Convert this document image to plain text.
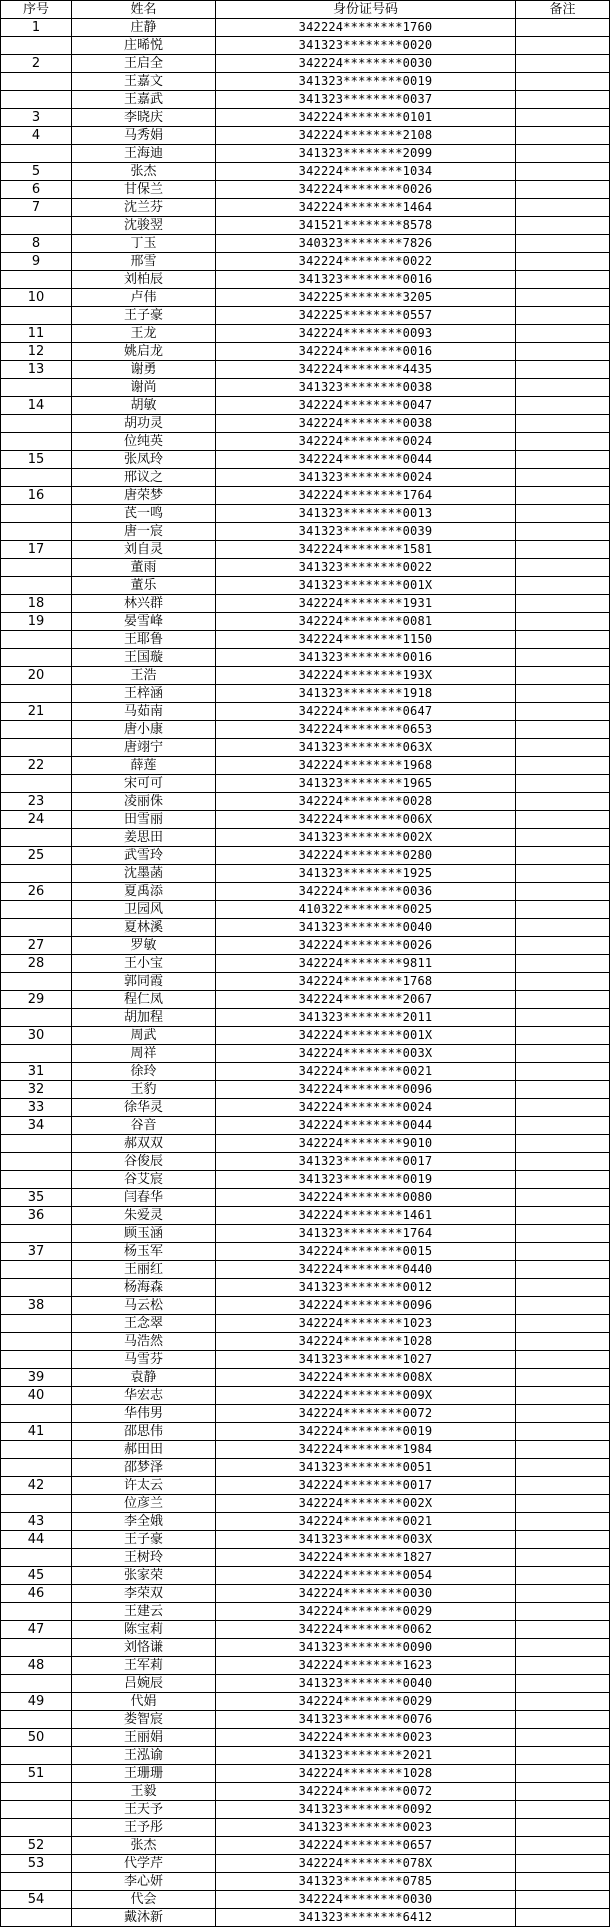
序号	姓名	身份证号码	备注
1	庄静	342224********1760	
	庄晞悦	341323********0020	
2	王启全	342224********0030	
	王嘉文	341323********0019	
	王嘉武	341323********0037	
3	李晓庆	342224********0101	
4	马秀娟	342224********2108	
	王海迪	341323********2099	
5	张杰	342224********1034	
6	甘保兰	342224********0026	
7	沈兰芬	342224********1464	
	沈骏翌	341521********8578	
8	丁玉	340323********7826	
9	邢雪	342224********0022	
	刘柏辰	341323********0016	
10	卢伟	342225********3205	
	王子豪	342225********0557	
11	王龙	342224********0093	
12	姚启龙	342224********0016	
13	谢勇	342224********4435	
	谢尚	341323********0038	
14	胡敏	342224********0047	
	胡功灵	342224********0038	
	位纯英	342224********0024	
15	张凤玲	342224********0044	
	邢议之	341323********0024	
16	唐荣梦	342224********1764	
	芪一鸣	341323********0013	
	唐一宸	341323********0039	
17	刘自灵	342224********1581	
	董雨	341323********0022	
	董乐	341323********001X	
18	林兴群	342224********1931	
19	晏雪峰	342224********0081	
	王耶鲁	342224********1150	
	王国璇	341323********0016	
20	王浩	342224********193X	
	王梓涵	341323********1918	
21	马茹南	342224********0647	
	唐小康	342224********0653	
	唐翊宁	341323********063X	
22	薛莲	342224********1968	
	宋可可	341323********1965	
23	凌丽侏	342224********0028	
24	田雪丽	342224********006X	
	姜思田	341323********002X	
25	武雪玲	342224********0280	
	沈墨菡	341323********1925	
26	夏禹添	342224********0036	
	卫园风	410322********0025	
	夏林溪	341323********0040	
27	罗敏	342224********0026	
28	王小宝	342224********9811	
	郭同霞	342224********1768	
29	程仁凤	342224********2067	
	胡加程	341323********2011	
30	周武	342224********001X	
	周祥	342224********003X	
31	徐玲	342224********0021	
32	王豹	342224********0096	
33	徐华灵	342224********0024	
34	谷音	342224********0044	
	郝双双	342224********9010	
	谷俊辰	341323********0017	
	谷艾宸	341323********0019	
35	闫春华	342224********0080	
36	朱爱灵	342224********1461	
	顾玉涵	341323********1764	
37	杨玉军	342224********0015	
	王丽红	342224********0440	
	杨海森	341323********0012	
38	马云松	342224********0096	
	王念翠	342224********1023	
	马浩然	342224********1028	
	马雪芬	341323********1027	
39	袁静	342224********008X	
40	华宏志	342224********009X	
	华伟男	342224********0072	
41	邵思伟	342224********0019	
	郝田田	342224********1984	
	邵梦泽	341323********0051	
42	许太云	342224********0017	
	位彦兰	342224********002X	
43	李全娥	342224********0021	
44	王子豪	341323********003X	
	王树玲	342224********1827	
45	张家荣	342224********0054	
46	李荣双	342224********0030	
	王建云	342224********0029	
47	陈宝莉	342224********0062	
	刘恪谦	341323********0090	
48	王军莉	342224********1623	
	吕婉辰	341323********0040	
49	代娟	342224********0029	
	娄智宸	341323********0076	
50	王丽娟	342224********0023	
	王泓谕	341323********2021	
51	王珊珊	342224********1028	
	王毅	342224********0072	
	王天予	341323********0092	
	王予彤	341323********0023	
52	张杰	342224********0657	
53	代学芹	342224********078X	
	李心妍	341323********0785	
54	代会	342224********0030	
	戴沐新	341323********6412	
